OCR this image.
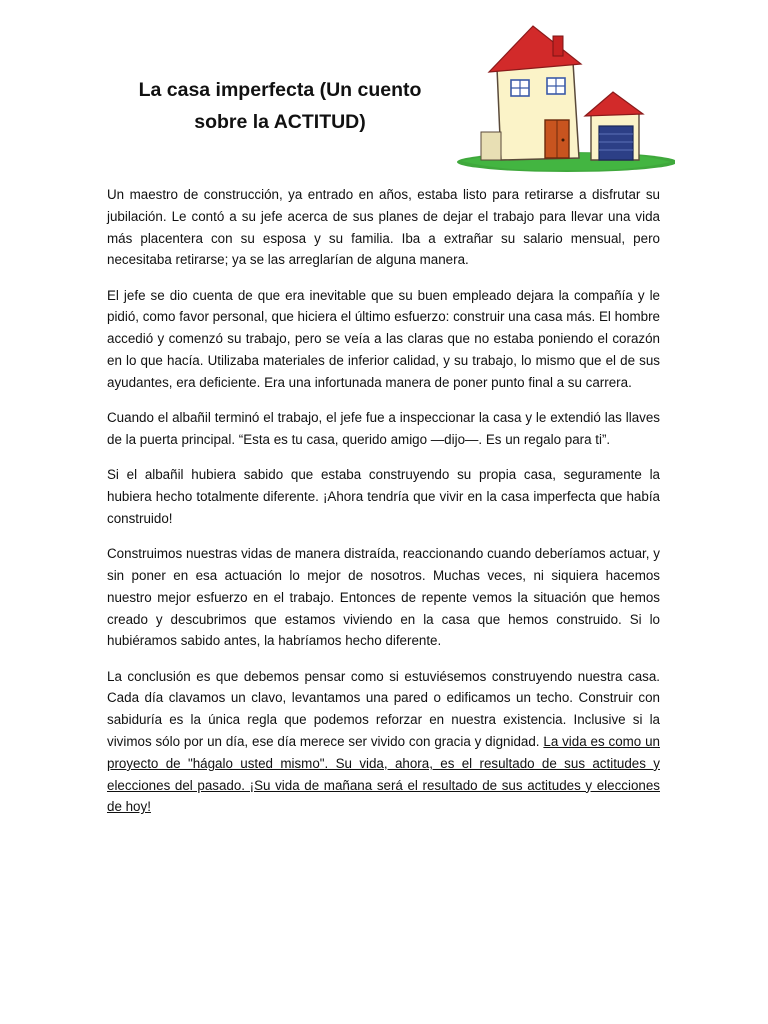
La casa imperfecta (Un cuento
sobre la ACTITUD)

Un maestro de construcción, ya entrado en años, estaba listo para retirarse a disfrutar su jubilación. Le contó a su jefe acerca de sus planes de dejar el trabajo para llevar una vida más placentera con su esposa y su familia. Iba a extrañar su salario mensual, pero necesitaba retirarse; ya se las arreglarían de alguna manera.

El jefe se dio cuenta de que era inevitable que su buen empleado dejara la compañía y le pidió, como favor personal, que hiciera el último esfuerzo: construir una casa más. El hombre accedió y comenzó su trabajo, pero se veía a las claras que no estaba poniendo el corazón en lo que hacía. Utilizaba materiales de inferior calidad, y su trabajo, lo mismo que el de sus ayudantes, era deficiente. Era una infortunada manera de poner punto final a su carrera.

Cuando el albañil terminó el trabajo, el jefe fue a inspeccionar la casa y le extendió las llaves de la puerta principal. “Esta es tu casa, querido amigo —dijo—. Es un regalo para ti”.

Si el albañil hubiera sabido que estaba construyendo su propia casa, seguramente la hubiera hecho totalmente diferente. ¡Ahora tendría que vivir en la casa imperfecta que había construido!

Construimos nuestras vidas de manera distraída, reaccionando cuando deberíamos actuar, y sin poner en esa actuación lo mejor de nosotros. Muchas veces, ni siquiera hacemos nuestro mejor esfuerzo en el trabajo. Entonces de repente vemos la situación que hemos creado y descubrimos que estamos viviendo en la casa que hemos construido. Si lo hubiéramos sabido antes, la habríamos hecho diferente.

La conclusión es que debemos pensar como si estuviésemos construyendo nuestra casa. Cada día clavamos un clavo, levantamos una pared o edificamos un techo. Construir con sabiduría es la única regla que podemos reforzar en nuestra existencia. Inclusive si la vivimos sólo por un día, ese día merece ser vivido con gracia y dignidad. La vida es como un proyecto de "hágalo usted mismo". Su vida, ahora, es el resultado de sus actitudes y elecciones del pasado. ¡Su vida de mañana será el resultado de sus actitudes y elecciones de hoy!
